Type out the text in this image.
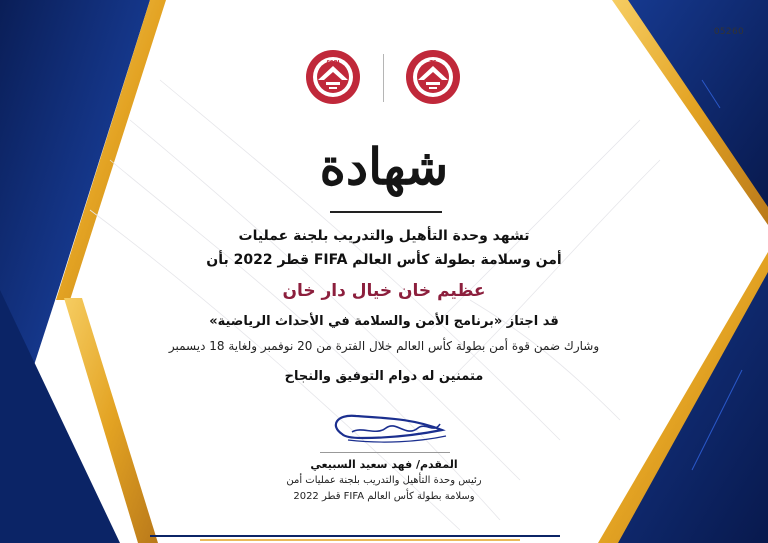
05260
SSOI	TE
شهادة
تشهد وحدة التأهيل والتدريب بلجنة عمليات
أمن وسلامة بطولة كأس العالم FIFA قطر 2022 بأن
عظيم خان خيال دار خان
قد اجتاز «برنامج الأمن والسلامة في الأحداث الرياضية»
وشارك ضمن قوة أمن بطولة كأس العالم خلال الفترة من 20 نوفمبر ولغاية 18 ديسمبر
متمنين له دوام التوفيق والنجاح
المقدم/ فهد سعيد السبيعي
رئيس وحدة التأهيل والتدريب بلجنة عمليات أمن
وسلامة بطولة كأس العالم FIFA قطر 2022
